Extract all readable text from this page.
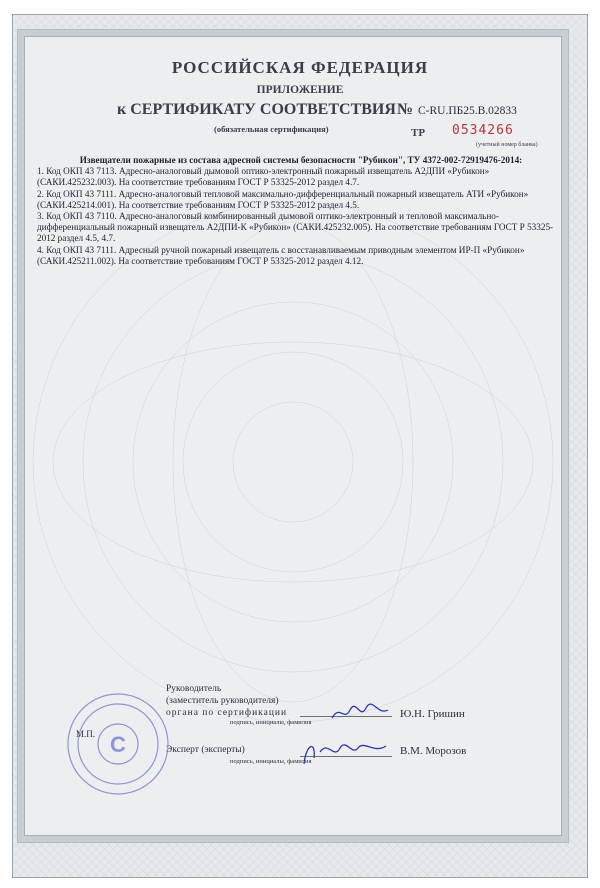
РОССИЙСКАЯ ФЕДЕРАЦИЯ
ПРИЛОЖЕНИЕ
к СЕРТИФИКАТУ СООТВЕТСТВИЯ № С-RU.ПБ25.В.02833
(обязательная сертификация)	ТР 0534266
(учетный номер бланка)

Извещатели пожарные из состава адресной системы безопасности "Рубикон", ТУ 4372-002-72919476-2014:

1. Код ОКП 43 7113. Адресно-аналоговый дымовой оптико-электронный пожарный извещатель А2ДПИ «Рубикон» (САКИ.425232.003). На соответствие требованиям ГОСТ Р 53325-2012 раздел 4.7.

2. Код ОКП 43 7111. Адресно-аналоговый тепловой максимально-дифференциальный пожарный извещатель АТИ «Рубикон» (САКИ.425214.001). На соответствие требованиям ГОСТ Р 53325-2012 раздел 4.5.

3. Код ОКП 43 7110. Адресно-аналоговый комбинированный дымовой оптико-электронный и тепловой максимально-дифференциальный пожарный извещатель А2ДПИ-К «Рубикон» (САКИ.425232.005). На соответствие требованиям ГОСТ Р 53325-2012 раздел 4.5, 4.7.

4. Код ОКП 43 7111. Адресный ручной пожарный извещатель с восстанавливаемым приводным элементом ИР-П «Рубикон» (САКИ.425211.002). На соответствие требованиям ГОСТ Р 53325-2012 раздел 4.12.

Руководитель
(заместитель руководителя)
органа по сертификации
подпись, инициалы, фамилия
Ю.Н. Гришин
М.П.
Эксперт (эксперты)
подпись, инициалы, фамилия
В.М. Морозов
C
